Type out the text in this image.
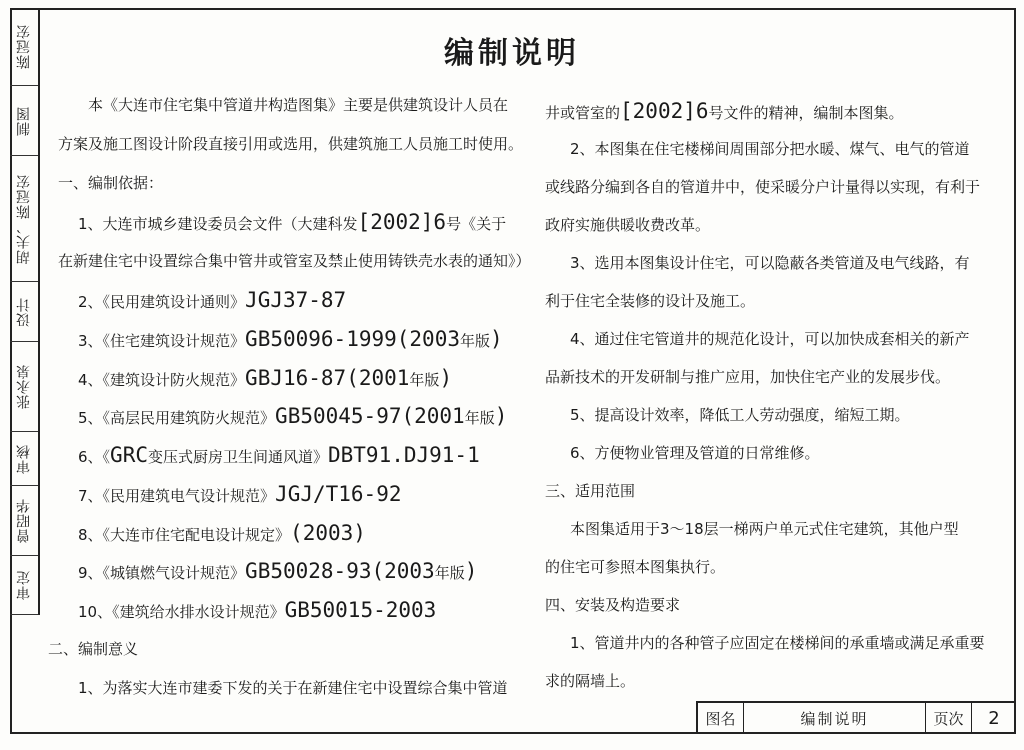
陈冠宏
制图
胡夫、陈冠宏
设计
张永泉
审核
曾昭华
审定
编制说明
本《大连市住宅集中管道井构造图集》主要是供建筑设计人员在
方案及施工图设计阶段直接引用或选用，供建筑施工人员施工时使用。
一、编制依据：
1、大连市城乡建设委员会文件（大建科发[2002]6号《关于
在新建住宅中设置综合集中管井或管室及禁止使用铸铁壳水表的通知》）
2、《民用建筑设计通则》JGJ37-87
3、《住宅建筑设计规范》GB50096-1999(2003年版)
4、《建筑设计防火规范》GBJ16-87(2001年版)
5、《高层民用建筑防火规范》GB50045-97(2001年版)
6、《GRC变压式厨房卫生间通风道》DBT91.DJ91-1
7、《民用建筑电气设计规范》JGJ/T16-92
8、《大连市住宅配电设计规定》(2003)
9、《城镇燃气设计规范》GB50028-93(2003年版)
10、《建筑给水排水设计规范》GB50015-2003
二、编制意义
1、为落实大连市建委下发的关于在新建住宅中设置综合集中管道
井或管室的[2002]6号文件的精神，编制本图集。
2、本图集在住宅楼梯间周围部分把水暖、煤气、电气的管道
或线路分编到各自的管道井中，使采暖分户计量得以实现，有利于
政府实施供暖收费改革。
3、选用本图集设计住宅，可以隐蔽各类管道及电气线路，有
利于住宅全装修的设计及施工。
4、通过住宅管道井的规范化设计，可以加快成套相关的新产
品新技术的开发研制与推广应用，加快住宅产业的发展步伐。
5、提高设计效率，降低工人劳动强度，缩短工期。
6、方便物业管理及管道的日常维修。
三、适用范围
本图集适用于3～18层一梯两户单元式住宅建筑，其他户型
的住宅可参照本图集执行。
四、安装及构造要求
1、管道井内的各种管子应固定在楼梯间的承重墙或满足承重要
求的隔墙上。
图名	编制说明	页次	2
